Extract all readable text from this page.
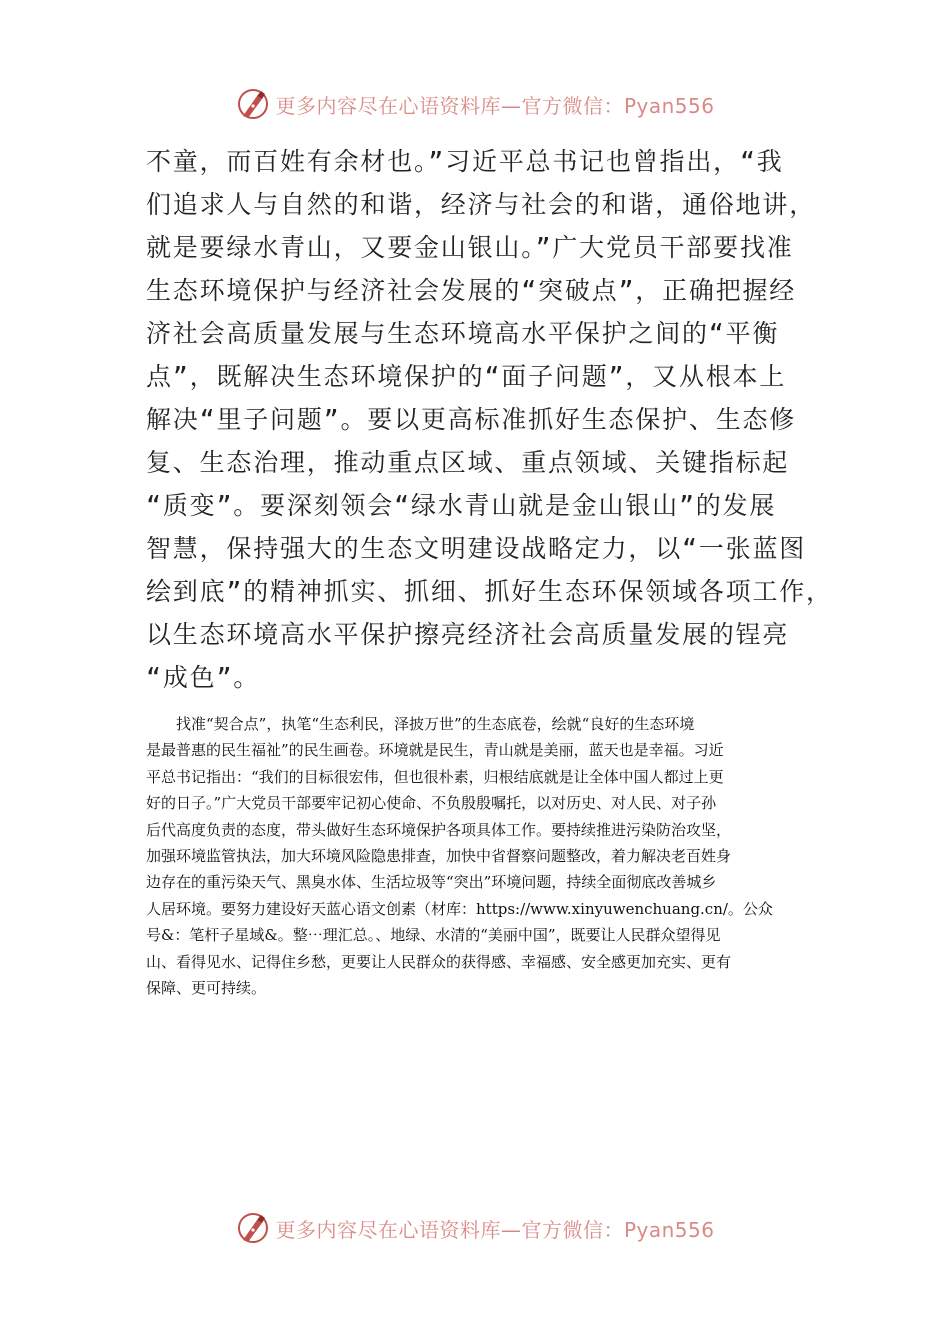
更多内容尽在心语资料库—官方微信：Pyan556
不童，而百姓有余材也。”习近平总书记也曾指出，“我
们追求人与自然的和谐，经济与社会的和谐，通俗地讲，
就是要绿水青山，又要金山银山。”广大党员干部要找准
生态环境保护与经济社会发展的“突破点”，正确把握经
济社会高质量发展与生态环境高水平保护之间的“平衡
点”，既解决生态环境保护的“面子问题”，又从根本上
解决“里子问题”。要以更高标准抓好生态保护、生态修
复、生态治理，推动重点区域、重点领域、关键指标起
“质变”。要深刻领会“绿水青山就是金山银山”的发展
智慧，保持强大的生态文明建设战略定力，以“一张蓝图
绘到底”的精神抓实、抓细、抓好生态环保领域各项工作，
以生态环境高水平保护擦亮经济社会高质量发展的锃亮
“成色”。
找准“契合点”，执笔“生态利民，泽披万世”的生态底卷，绘就“良好的生态环境
是最普惠的民生福祉”的民生画卷。环境就是民生，青山就是美丽，蓝天也是幸福。习近
平总书记指出：“我们的目标很宏伟，但也很朴素，归根结底就是让全体中国人都过上更
好的日子。”广大党员干部要牢记初心使命、不负殷殷嘱托，以对历史、对人民、对子孙
后代高度负责的态度，带头做好生态环境保护各项具体工作。要持续推进污染防治攻坚，
加强环境监管执法，加大环境风险隐患排查，加快中省督察问题整改，着力解决老百姓身
边存在的重污染天气、黑臭水体、生活垃圾等“突出”环境问题，持续全面彻底改善城乡
人居环境。要努力建设好天蓝心语文创素（材库：https://www.xinyuwenchuang.cn/。公众
号&：笔杆子星域&。整⋯理汇总。、地绿、水清的“美丽中国”，既要让人民群众望得见
山、看得见水、记得住乡愁，更要让人民群众的获得感、幸福感、安全感更加充实、更有
保障、更可持续。
更多内容尽在心语资料库—官方微信：Pyan556
